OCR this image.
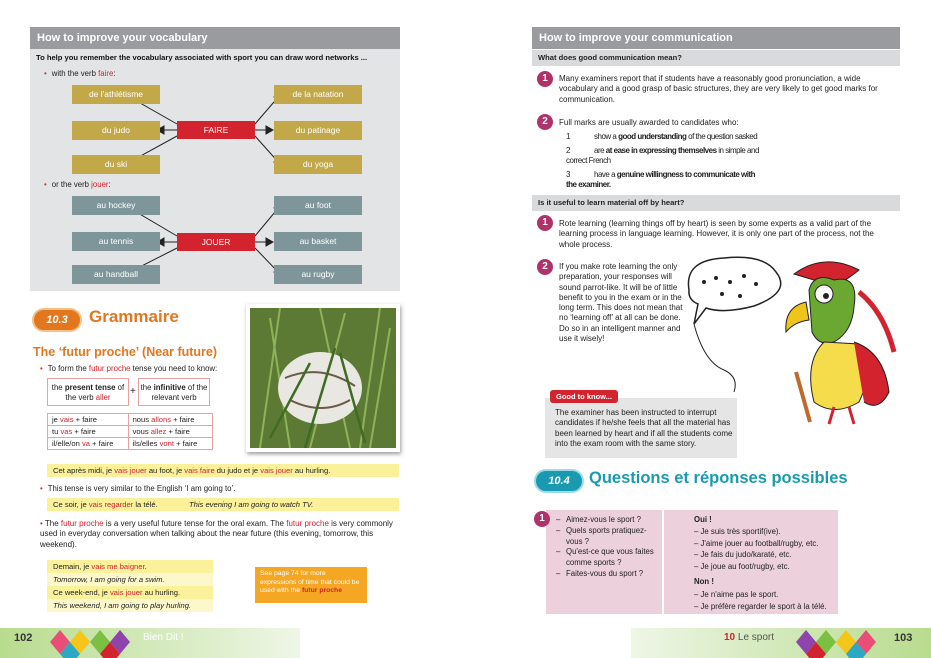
How to improve your vocabulary
To help you remember the vocabulary associated with sport you can draw word networks ...
• with the verb faire:
de l'athlétisme
du judo
du ski
FAIRE
de la natation
du patinage
du yoga
• or the verb jouer:
au hockey
au tennis
au handball
JOUER
au foot
au basket
au rugby
10.3	Grammaire
The ‘futur proche’ (Near future)
• To form the futur proche tense you need to know:
the present tense of the verb aller
+ the infinitive of the relevant verb
je vais + faire	nous allons + faire
tu vas + faire	vous allez + faire
il/elle/on va + faire	ils/elles vont + faire
Cet après midi, je vais jouer au foot, je vais faire du judo et je vais jouer au hurling.
• This tense is very similar to the English ‘I am going to’.
Ce soir, je vais regarder la télé.	This evening I am going to watch TV.
• The futur proche is a very useful future tense for the oral exam. The futur proche is very commonly used in everyday conversation when talking about the near future (this evening, tomorrow, this weekend).
Demain, je vais me baigner.
Tomorrow, I am going for a swim.
Ce week-end, je vais jouer au hurling.
This weekend, I am going to play hurling.
See page 74 for more expressions of time that could be used with the futur proche
How to improve your communication
What does good communication mean?
1	Many examiners report that if students have a reasonably good pronunciation, a wide vocabulary and a good grasp of basic structures, they are very likely to get good marks for communication.
2	Full marks are usually awarded to candidates who:
1	show a good understanding of the question sasked
2	are at ease in expressing themselves in simple and correct French
3	have a genuine willingness to communicate with the examiner.
Is it useful to learn material off by heart?
1	Rote learning (learning things off by heart) is seen by some experts as a valid part of the learning process in language learning. However, it is only one part of the process, not the whole process.
2	If you make rote learning the only preparation, your responses will sound parrot-like. It will be of little benefit to you in the exam or in the long term. This does not mean that no ‘learning off’ at all can be done. Do so in an intelligent manner and use it wisely!
Good to know...
The examiner has been instructed to interrupt candidates if he/she feels that all the material has been learned by heart and if all the students come into the exam room with the same story.
10.4	Questions et réponses possibles
1	– Aimez-vous le sport ?
– Quels sports pratiquez-vous ?
– Qu'est-ce que vous faites comme sports ?
– Faites-vous du sport ?
Oui !
– Je suis très sportif(ive).
– J'aime jouer au football/rugby, etc.
– Je fais du judo/karaté, etc.
– Je joue au foot/rugby, etc.
Non !
– Je n'aime pas le sport.
– Je préfère regarder le sport à la télé.
102	Bien Dit !	10 Le sport	103
